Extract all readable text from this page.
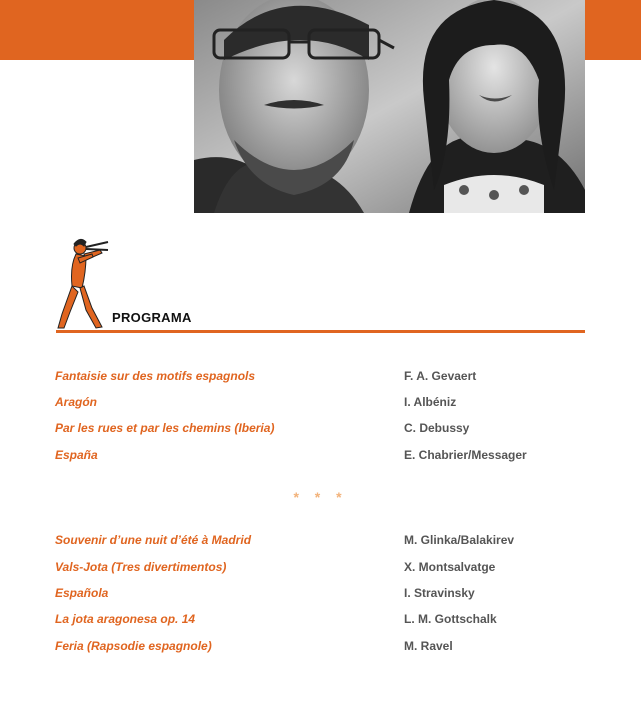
PROGRAMA
Fantaisie sur des motifs espagnols	F. A. Gevaert
Aragón	I. Albéniz
Par les rues et par les chemins (Iberia)	C. Debussy
España	E. Chabrier/Messager
* * *
Souvenir d’une nuit d’été à Madrid	M. Glinka/Balakirev
Vals-Jota (Tres divertimentos)	X. Montsalvatge
Española	I. Stravinsky
La jota aragonesa op. 14	L. M. Gottschalk
Feria (Rapsodie espagnole)	M. Ravel
